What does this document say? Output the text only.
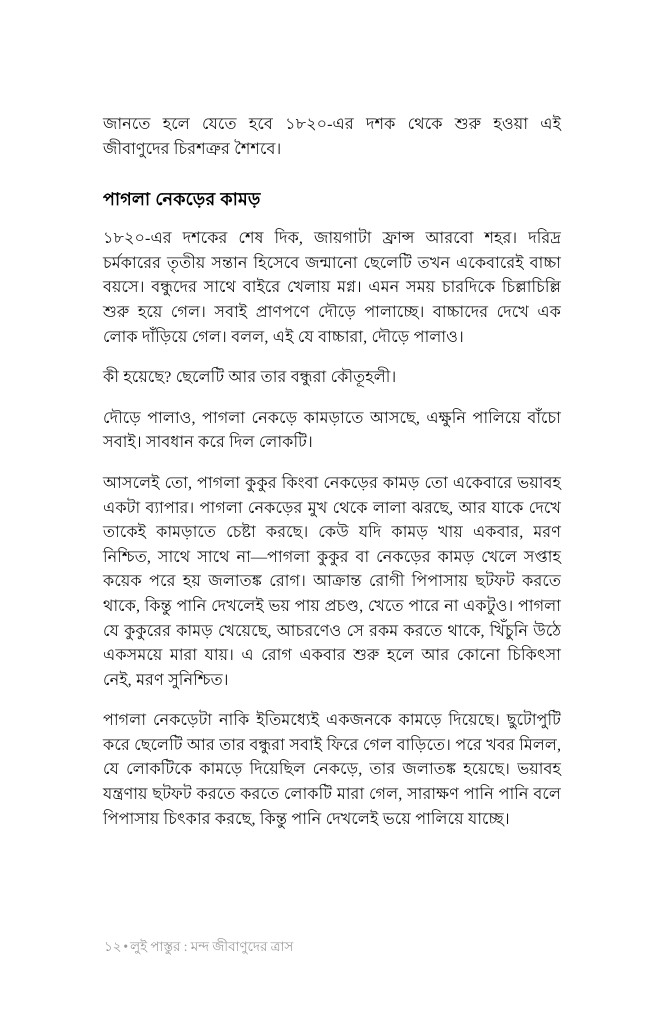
জানতে হলে যেতে হবে ১৮২০-এর দশক থেকে শুরু হওয়া এই জীবাণুদের চিরশত্রুর শৈশবে।

পাগলা নেকড়ের কামড়

১৮২০-এর দশকের শেষ দিক, জায়গাটা ফ্রান্স আরবো শহর। দরিদ্র চর্মকারের তৃতীয় সন্তান হিসেবে জন্মানো ছেলেটি তখন একেবারেই বাচ্চা বয়সে। বন্ধুদের সাথে বাইরে খেলায় মগ্ন। এমন সময় চারদিকে চিল্লাচিল্লি শুরু হয়ে গেল। সবাই প্রাণপণে দৌড়ে পালাচ্ছে। বাচ্চাদের দেখে এক লোক দাঁড়িয়ে গেল। বলল, এই যে বাচ্চারা, দৌড়ে পালাও।

কী হয়েছে? ছেলেটি আর তার বন্ধুরা কৌতূহলী।

দৌড়ে পালাও, পাগলা নেকড়ে কামড়াতে আসছে, এক্ষুনি পালিয়ে বাঁচো সবাই। সাবধান করে দিল লোকটি।

আসলেই তো, পাগলা কুকুর কিংবা নেকড়ের কামড় তো একেবারে ভয়াবহ একটা ব্যাপার। পাগলা নেকড়ের মুখ থেকে লালা ঝরছে, আর যাকে দেখে তাকেই কামড়াতে চেষ্টা করছে। কেউ যদি কামড় খায় একবার, মরণ নিশ্চিত, সাথে সাথে না—পাগলা কুকুর বা নেকড়ের কামড় খেলে সপ্তাহ কয়েক পরে হয় জলাতঙ্ক রোগ। আক্রান্ত রোগী পিপাসায় ছটফট করতে থাকে, কিন্তু পানি দেখলেই ভয় পায় প্রচণ্ড, খেতে পারে না একটুও। পাগলা যে কুকুরের কামড় খেয়েছে, আচরণেও সে রকম করতে থাকে, খিঁচুনি উঠে একসময়ে মারা যায়। এ রোগ একবার শুরু হলে আর কোনো চিকিৎসা নেই, মরণ সুনিশ্চিত।

পাগলা নেকড়েটা নাকি ইতিমধ্যেই একজনকে কামড়ে দিয়েছে। ছুটোপুটি করে ছেলেটি আর তার বন্ধুরা সবাই ফিরে গেল বাড়িতে। পরে খবর মিলল, যে লোকটিকে কামড়ে দিয়েছিল নেকড়ে, তার জলাতঙ্ক হয়েছে। ভয়াবহ যন্ত্রণায় ছটফট করতে করতে লোকটি মারা গেল, সারাক্ষণ পানি পানি বলে পিপাসায় চিৎকার করছে, কিন্তু পানি দেখলেই ভয়ে পালিয়ে যাচ্ছে।

১২ • লুই পাস্তুর : মন্দ জীবাণুদের ত্রাস
